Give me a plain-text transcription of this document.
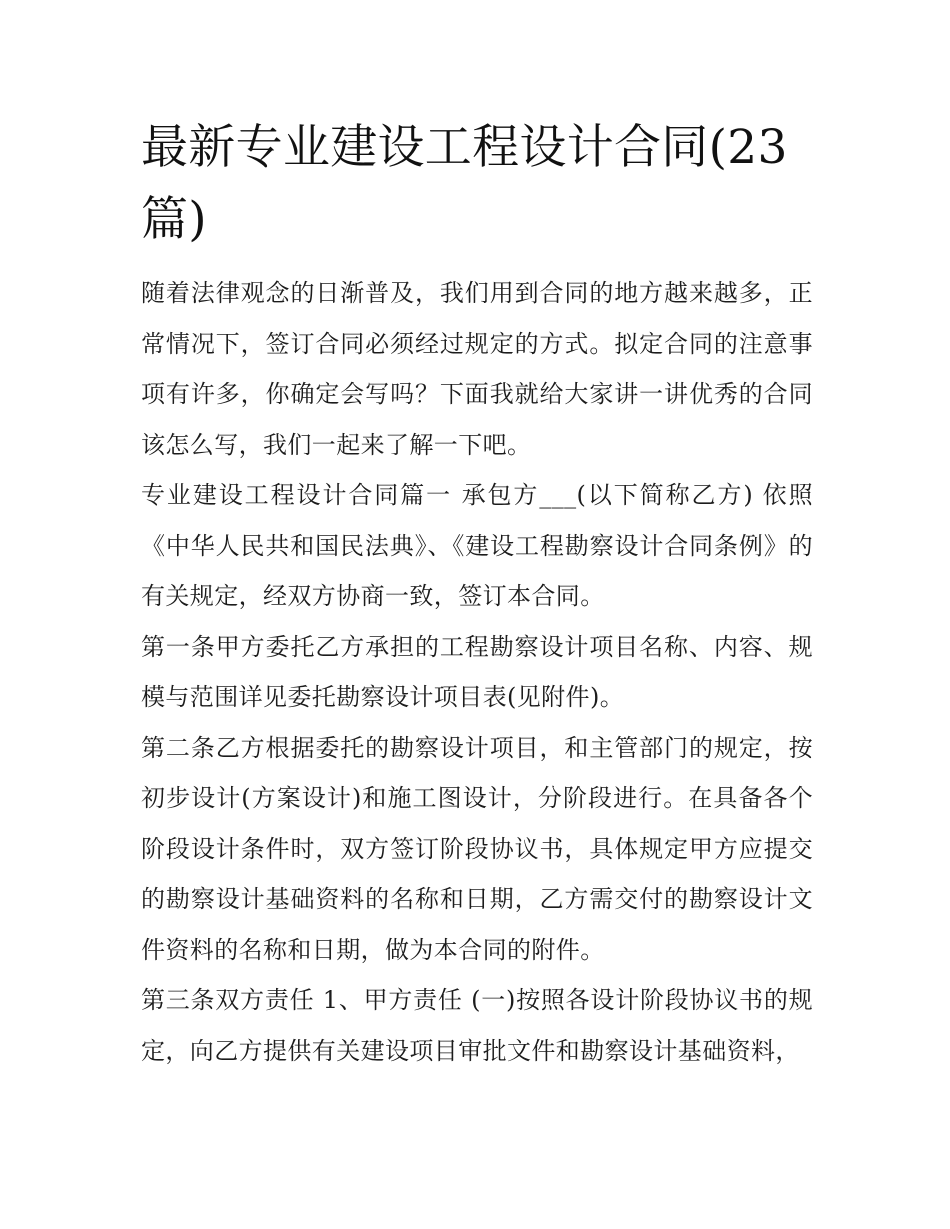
最新专业建设工程设计合同(23篇)

随着法律观念的日渐普及，我们用到合同的地方越来越多，正常情况下，签订合同必须经过规定的方式。拟定合同的注意事项有许多，你确定会写吗？下面我就给大家讲一讲优秀的合同该怎么写，我们一起来了解一下吧。

专业建设工程设计合同篇一 承包方___(以下简称乙方) 依照《中华人民共和国民法典》、《建设工程勘察设计合同条例》的有关规定，经双方协商一致，签订本合同。

第一条甲方委托乙方承担的工程勘察设计项目名称、内容、规模与范围详见委托勘察设计项目表(见附件)。

第二条乙方根据委托的勘察设计项目，和主管部门的规定，按初步设计(方案设计)和施工图设计，分阶段进行。在具备各个阶段设计条件时，双方签订阶段协议书，具体规定甲方应提交的勘察设计基础资料的名称和日期，乙方需交付的勘察设计文件资料的名称和日期，做为本合同的附件。

第三条双方责任 1、甲方责任 (一)按照各设计阶段协议书的规定，向乙方提供有关建设项目审批文件和勘察设计基础资料，
